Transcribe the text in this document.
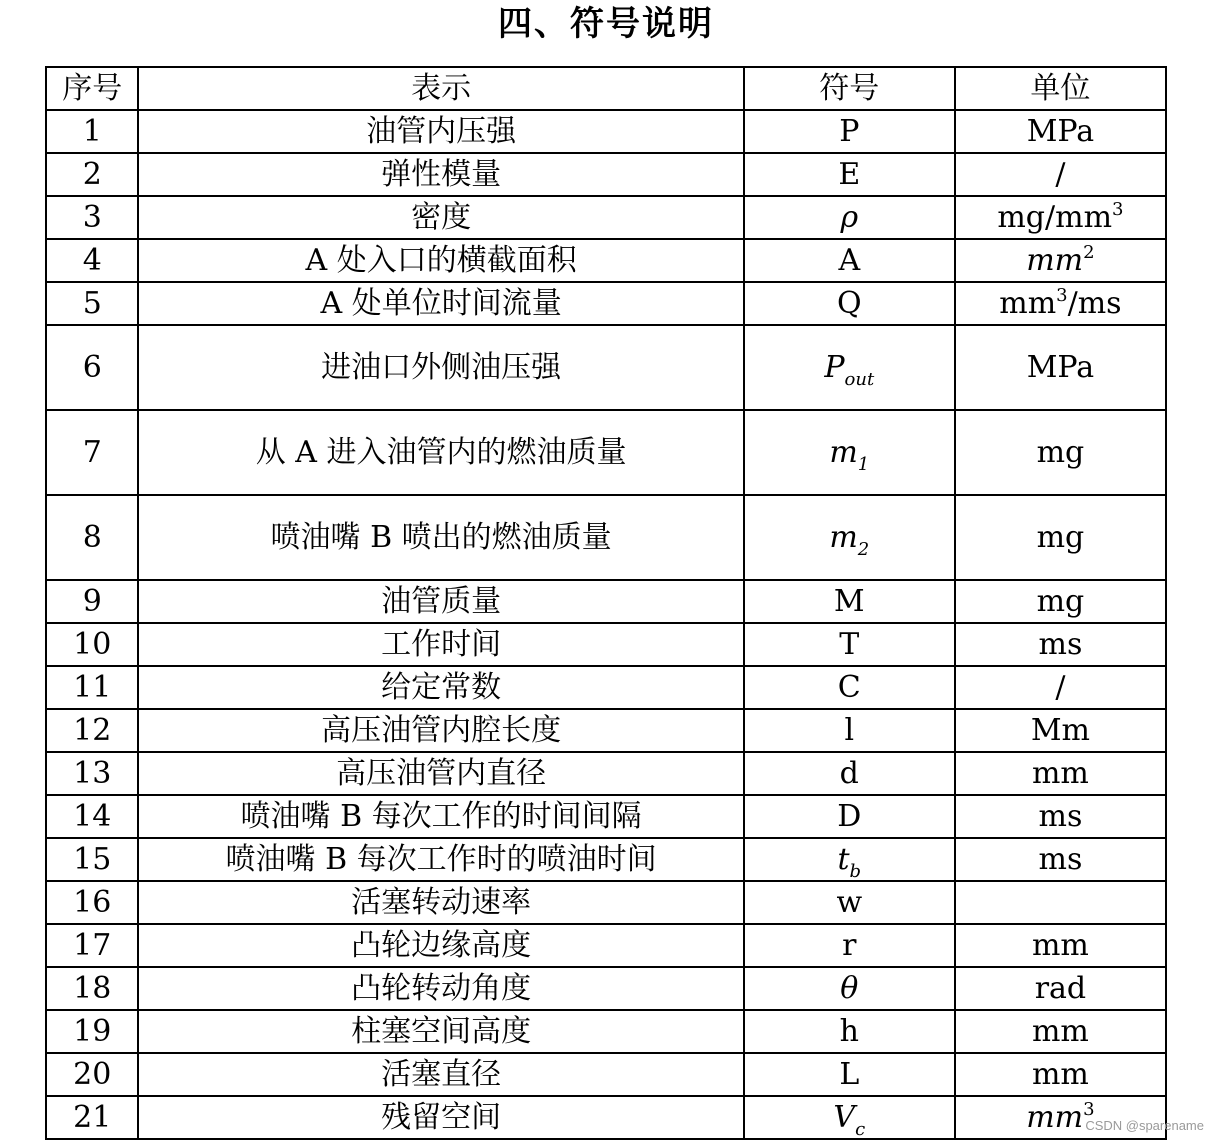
四、符号说明
序号	表示	符号	单位
1	油管内压强	P	MPa
2	弹性模量	E	/
3	密度	ρ	$mg/mm^3$
4	A 处入口的横截面积	A	$mm^2$
5	A 处单位时间流量	Q	$mm^3/ms$
6	进油口外侧油压强	$P_{out}$	MPa
7	从 A 进入油管内的燃油质量	$m_1$	mg
8	喷油嘴 B 喷出的燃油质量	$m_2$	mg
9	油管质量	M	mg
10	工作时间	T	ms
11	给定常数	C	/
12	高压油管内腔长度	l	Mm
13	高压油管内直径	d	mm
14	喷油嘴 B 每次工作的时间间隔	D	ms
15	喷油嘴 B 每次工作时的喷油时间	$t_b$	ms
16	活塞转动速率	w	
17	凸轮边缘高度	r	mm
18	凸轮转动角度	θ	rad
19	柱塞空间高度	h	mm
20	活塞直径	L	mm
21	残留空间	$V_c$	$mm^3$
CSDN @sparename
